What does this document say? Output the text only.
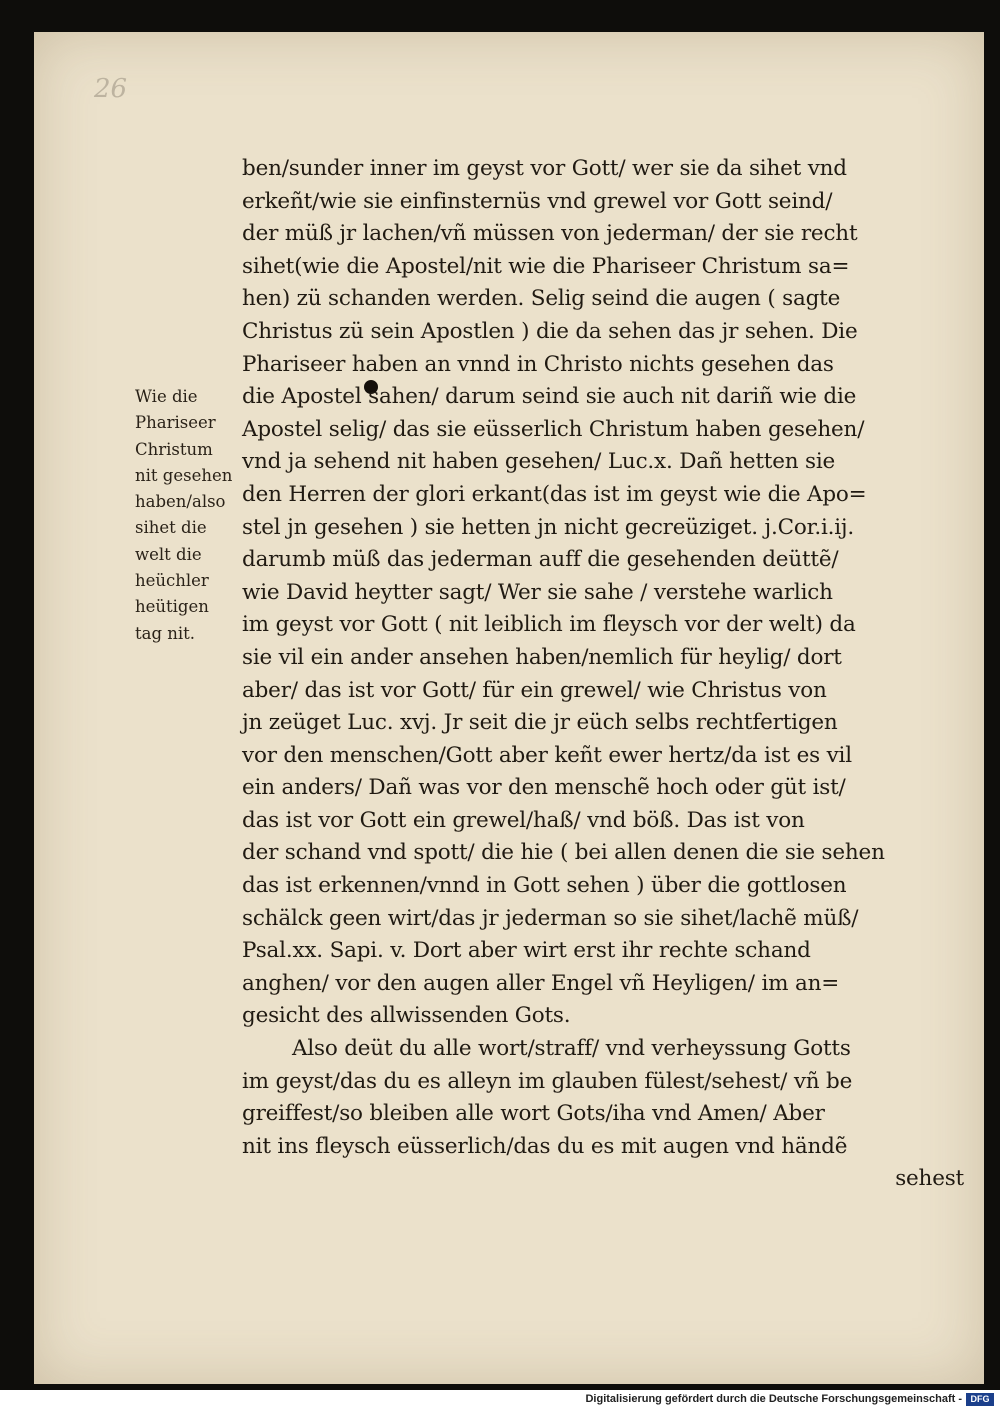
26
Wie die
Phariseer
Christum
nit gesehen
haben/also
sihet die
welt die
heüchler
heütigen
tag nit.
ben/sunder inner im geyst vor Gott/ wer sie da sihet vnd
erkeñt/wie sie einfinsternüs vnd grewel vor Gott seind/
der müß jr lachen/vñ müssen von jederman/ der sie recht
sihet(wie die Apostel/nit wie die Phariseer Christum sa=
hen) zü schanden werden. Selig seind die augen ( sagte
Christus zü sein Apostlen ) die da sehen das jr sehen. Die
Phariseer haben an vnnd in Christo nichts gesehen das
die Apostel sahen/ darum seind sie auch nit dariñ wie die
Apostel selig/ das sie eüsserlich Christum haben gesehen/
vnd ja sehend nit haben gesehen/ Luc.x. Dañ hetten sie
den Herren der glori erkant(das ist im geyst wie die Apo=
stel jn gesehen ) sie hetten jn nicht gecreüziget. j.Cor.i.ij.
darumb müß das jederman auff die gesehenden deüttẽ/
wie David heytter sagt/ Wer sie sahe / verstehe warlich
im geyst vor Gott ( nit leiblich im fleysch vor der welt) da
sie vil ein ander ansehen haben/nemlich für heylig/ dort
aber/ das ist vor Gott/ für ein grewel/ wie Christus von
jn zeüget Luc. xvj. Jr seit die jr eüch selbs rechtfertigen
vor den menschen/Gott aber keñt ewer hertz/da ist es vil
ein anders/ Dañ was vor den menschẽ hoch oder güt ist/
das ist vor Gott ein grewel/haß/ vnd böß. Das ist von
der schand vnd spott/ die hie ( bei allen denen die sie sehen
das ist erkennen/vnnd in Gott sehen ) über die gottlosen
schälck geen wirt/das jr jederman so sie sihet/lachẽ müß/
Psal.xx. Sapi. v. Dort aber wirt erst ihr rechte schand
anghen/ vor den augen aller Engel vñ Heyligen/ im an=
gesicht des allwissenden Gots.
Also deüt du alle wort/straff/ vnd verheyssung Gotts
im geyst/das du es alleyn im glauben fülest/sehest/ vñ be
greiffest/so bleiben alle wort Gots/iha vnd Amen/ Aber
nit ins fleysch eüsserlich/das du es mit augen vnd händẽ
sehest
Digitalisierung gefördert durch die Deutsche Forschungsgemeinschaft - DFG
